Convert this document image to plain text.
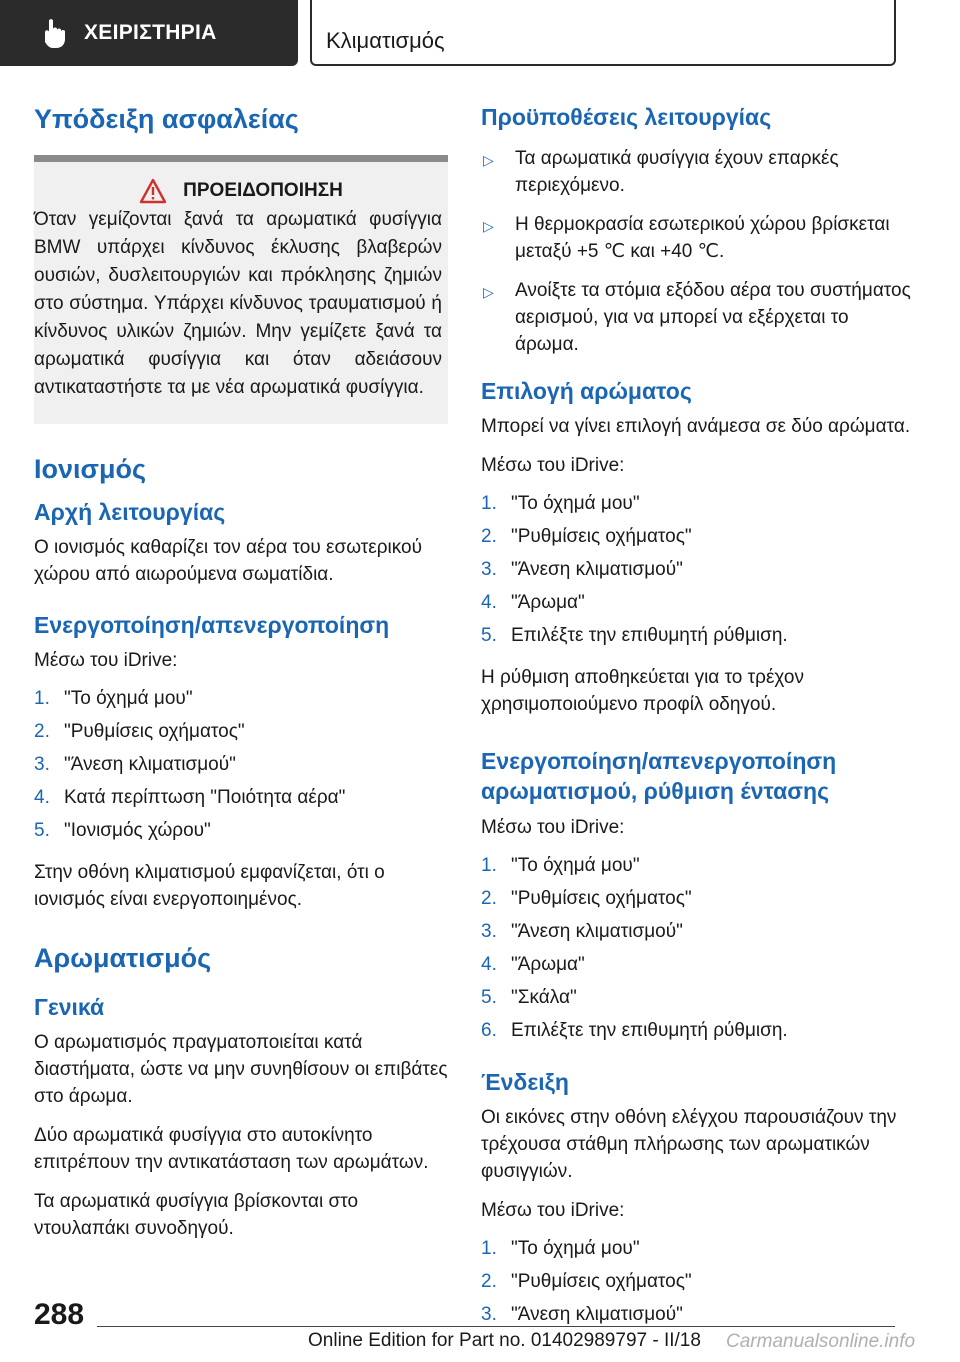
ΧΕΙΡΙΣΤΗΡΙΑ	Κλιματισμός
Υπόδειξη ασφαλείας
ΠΡΟΕΙΔΟΠΟΙΗΣΗ

Όταν γεμίζονται ξανά τα αρωματικά φυσίγγια BMW υπάρχει κίνδυνος έκλυσης βλαβερών ουσιών, δυσλειτουργιών και πρόκλησης ζημιών στο σύστημα. Υπάρχει κίνδυνος τραυματισμού ή κίνδυνος υλικών ζημιών. Μην γεμίζετε ξανά τα αρωματικά φυσίγγια και όταν αδειάσουν αντικαταστήστε τα με νέα αρωματικά φυσίγγια.

Ιονισμός
Αρχή λειτουργίας

Ο ιονισμός καθαρίζει τον αέρα του εσωτερικού χώρου από αιωρούμενα σωματίδια.

Ενεργοποίηση/απενεργοποίηση

Μέσω του iDrive:

1. "Το όχημά μου"
2. "Ρυθμίσεις οχήματος"
3. "Άνεση κλιματισμού"
4. Κατά περίπτωση "Ποιότητα αέρα"
5. "Ιονισμός χώρου"

Στην οθόνη κλιματισμού εμφανίζεται, ότι ο ιονισμός είναι ενεργοποιημένος.

Αρωματισμός
Γενικά

Ο αρωματισμός πραγματοποιείται κατά διαστήματα, ώστε να μην συνηθίσουν οι επιβάτες στο άρωμα.

Δύο αρωματικά φυσίγγια στο αυτοκίνητο επιτρέπουν την αντικατάσταση των αρωμάτων.

Τα αρωματικά φυσίγγια βρίσκονται στο ντουλαπάκι συνοδηγού.

Προϋποθέσεις λειτουργίας
▷	Τα αρωματικά φυσίγγια έχουν επαρκές περιεχόμενο.
▷	Η θερμοκρασία εσωτερικού χώρου βρίσκεται μεταξύ +5 ℃ και +40 ℃.
▷	Ανοίξτε τα στόμια εξόδου αέρα του συστήματος αερισμού, για να μπορεί να εξέρχεται το άρωμα.
Επιλογή αρώματος

Μπορεί να γίνει επιλογή ανάμεσα σε δύο αρώματα.

Μέσω του iDrive:

1. "Το όχημά μου"
2. "Ρυθμίσεις οχήματος"
3. "Άνεση κλιματισμού"
4. "Άρωμα"
5. Επιλέξτε την επιθυμητή ρύθμιση.

Η ρύθμιση αποθηκεύεται για το τρέχον χρησιμοποιούμενο προφίλ οδηγού.

Ενεργοποίηση/απενεργοποίηση
αρωματισμού, ρύθμιση έντασης

Μέσω του iDrive:

1. "Το όχημά μου"
2. "Ρυθμίσεις οχήματος"
3. "Άνεση κλιματισμού"
4. "Άρωμα"
5. "Σκάλα"
6. Επιλέξτε την επιθυμητή ρύθμιση.
Ένδειξη

Οι εικόνες στην οθόνη ελέγχου παρουσιάζουν την τρέχουσα στάθμη πλήρωσης των αρωματικών φυσιγγιών.

Μέσω του iDrive:

1. "Το όχημά μου"
2. "Ρυθμίσεις οχήματος"
3. "Άνεση κλιματισμού"
288
Online Edition for Part no. 01402989797 - II/18 Carmanualsonline.info
